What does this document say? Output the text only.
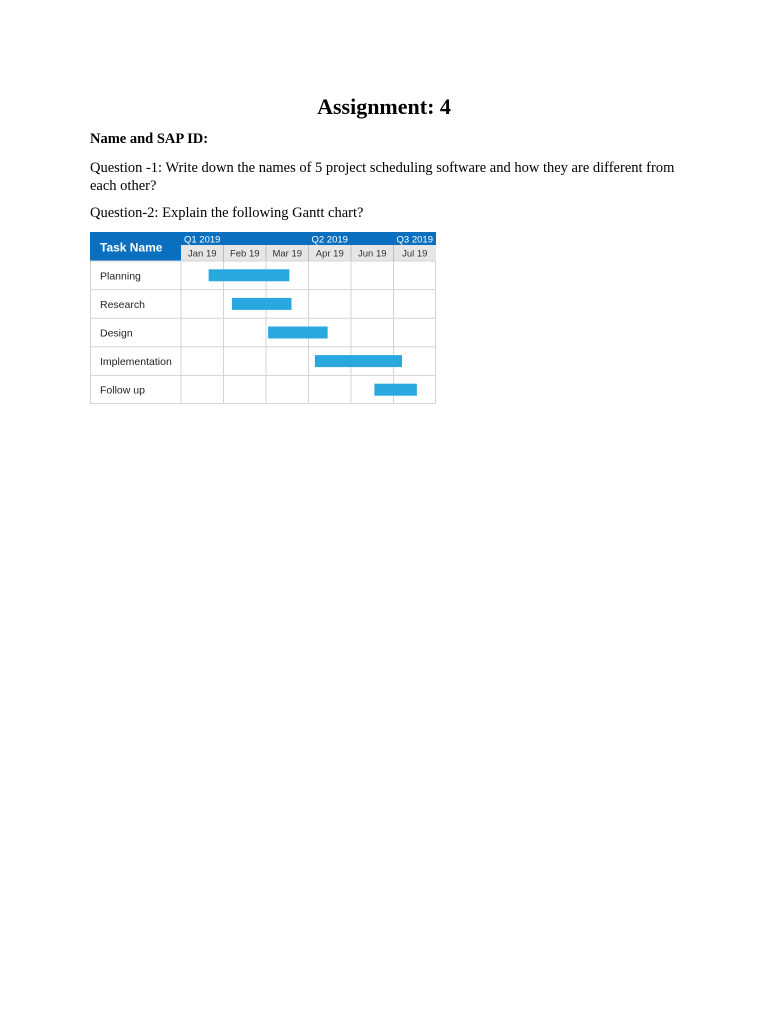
Assignment: 4

Name and SAP ID:

Question -1: Write down the names of 5 project scheduling software and how they are different from each other?

Question-2: Explain the following Gantt chart?

Task Name
Q1 2019	Q2 2019	Q3 2019
Jan 19 Feb 19 Mar 19 Apr 19 Jun 19 Jul 19
Planning
Research
Design
Implementation
Follow up
